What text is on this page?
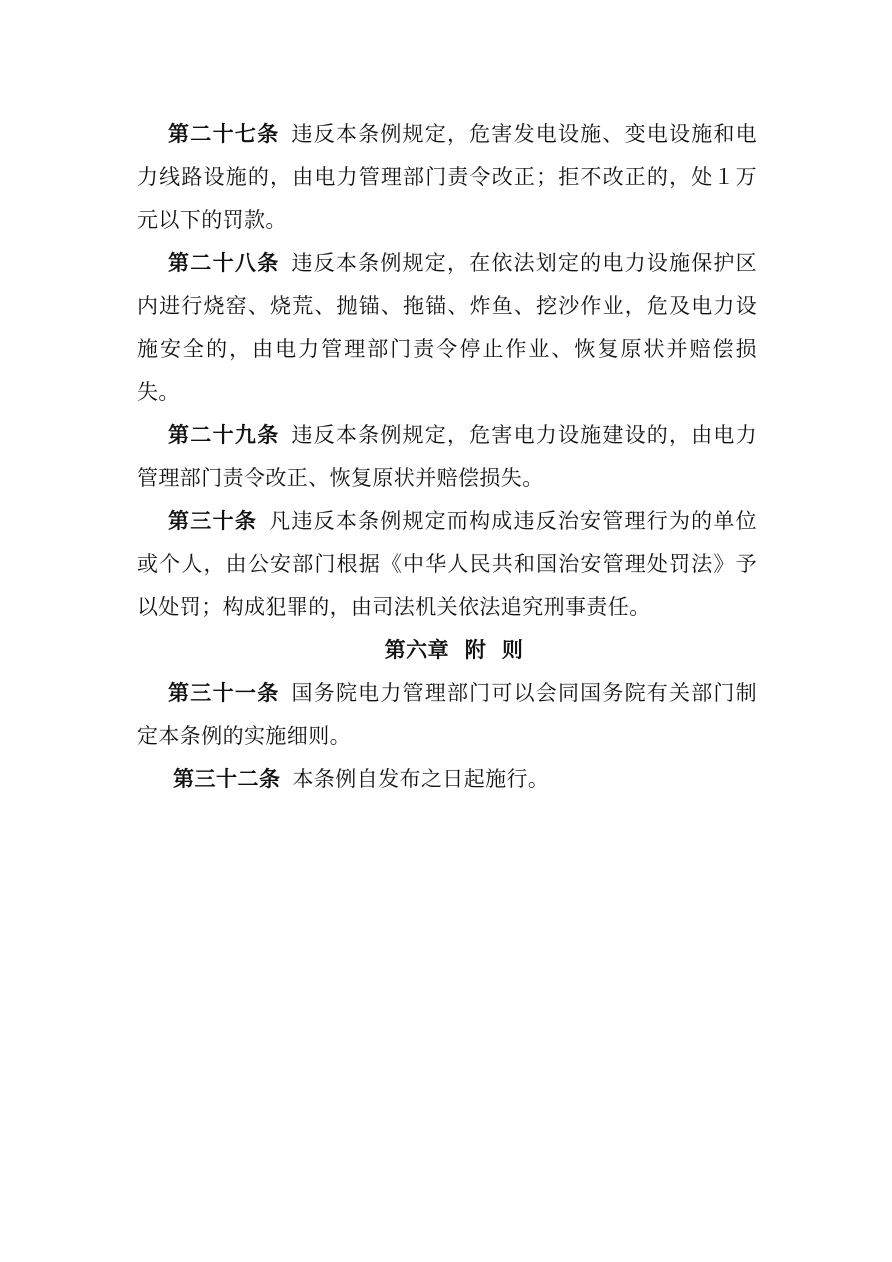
第二十七条 违反本条例规定，危害发电设施、变电设施和电力线路设施的，由电力管理部门责令改正；拒不改正的，处１万元以下的罚款。

第二十八条 违反本条例规定，在依法划定的电力设施保护区内进行烧窑、烧荒、抛锚、拖锚、炸鱼、挖沙作业，危及电力设施安全的，由电力管理部门责令停止作业、恢复原状并赔偿损失。

第二十九条 违反本条例规定，危害电力设施建设的，由电力管理部门责令改正、恢复原状并赔偿损失。

第三十条 凡违反本条例规定而构成违反治安管理行为的单位或个人，由公安部门根据《中华人民共和国治安管理处罚法》予以处罚；构成犯罪的，由司法机关依法追究刑事责任。

第六章  附  则

第三十一条 国务院电力管理部门可以会同国务院有关部门制定本条例的实施细则。

第三十二条 本条例自发布之日起施行。
